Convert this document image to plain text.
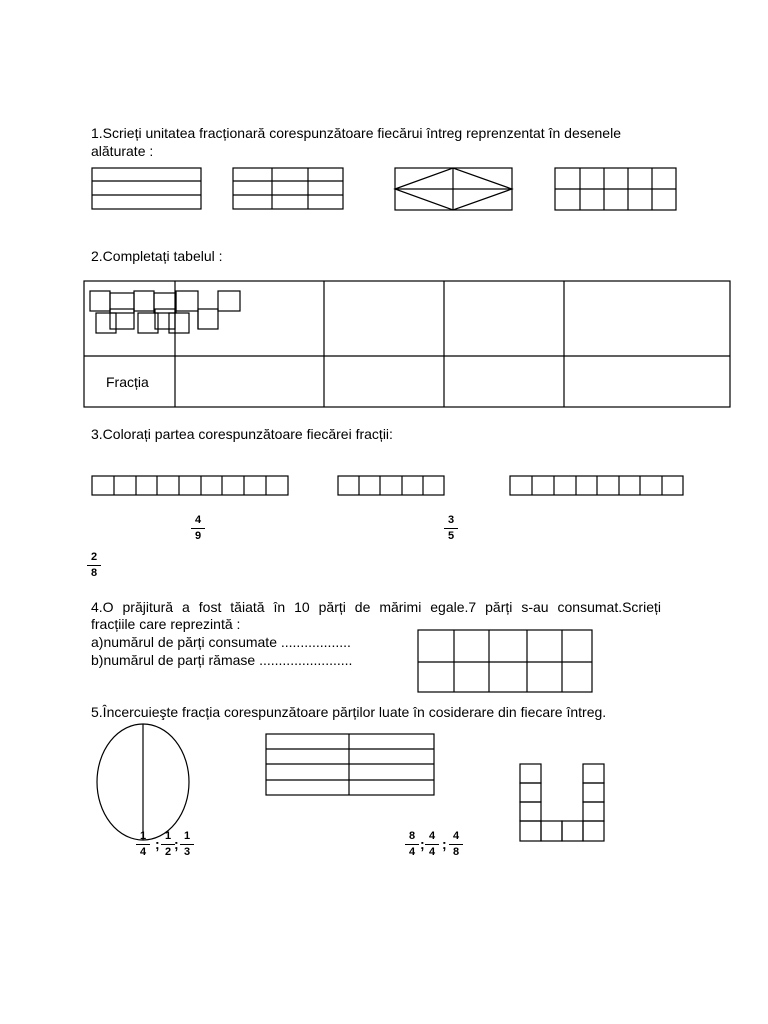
1.Scrieți unitatea fracționară corespunzătoare fiecărui întreg reprenzentat în desenele
alăturate :
2.Completați tabelul :
Fracția
3.Colorați partea corespunzătoare fiecărei fracții:
$\frac{4}{9}$	$\frac{3}{5}$
$\frac{2}{8}$
4.O prăjitură a fost tăiată în 10 părți de mărimi egale.7 părți s-au consumat.Scrieți
fracțiile care reprezintă :
a)numărul de părți consumate ..................
b)numărul de parți rămase ........................
5.Încercuieşte fracția corespunzătoare părților luate în cosiderare din fiecare întreg.
$\frac{1}{4}$ ; $\frac{1}{2}$ ; $\frac{1}{3}$	$\frac{8}{4}$ ; $\frac{4}{4}$ ; $\frac{4}{8}$
